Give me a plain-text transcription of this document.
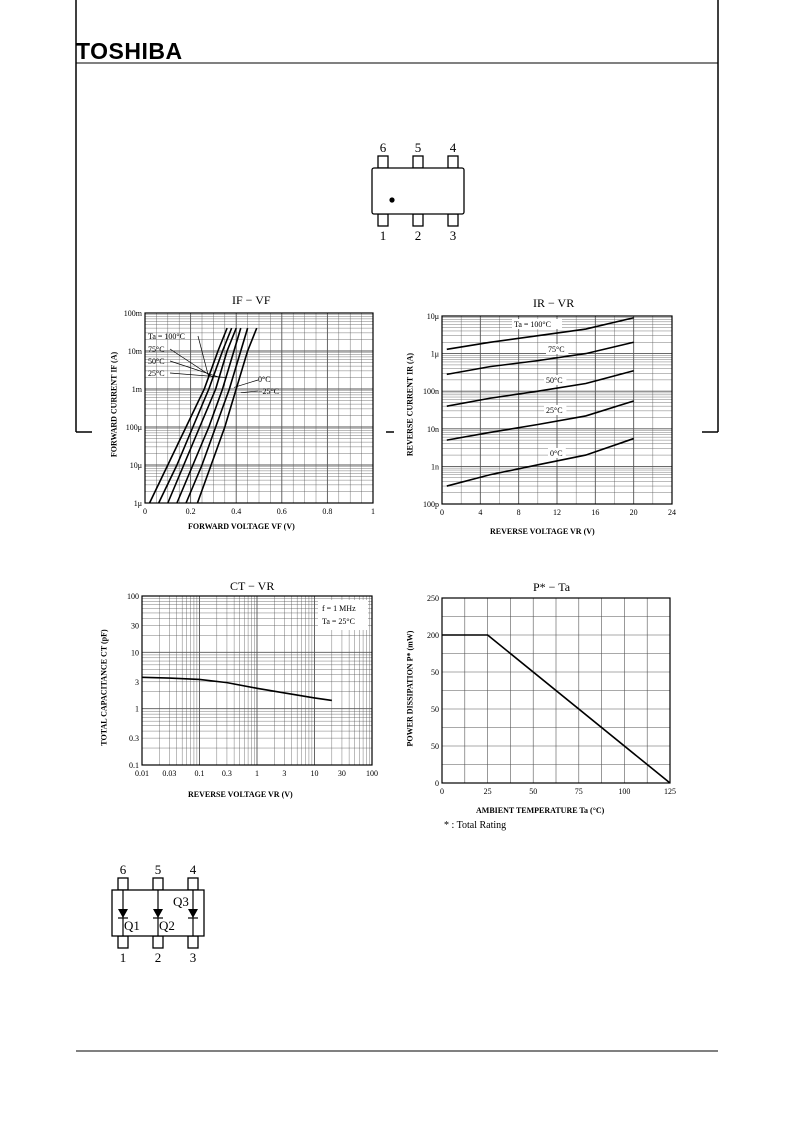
TOSHIBA
6 5 4
1 2 3
IF − VF
100m
10m
1m
100μ
10μ
1μ
0	0.2	0.4	0.6	0.8	1
Ta = 100°C
75°C
50°C
25°C
0°C
−25°C
FORWARD VOLTAGE VF (V)
FORWARD CURRENT IF (A)
IR − VR
10μ
1μ
100n
10n
1n
100p
0	4	8	12	16	20	24
Ta = 100°C
75°C
50°C
25°C
0°C
REVERSE VOLTAGE VR (V)
REVERSE CURRENT IR (A)
CT − VR
100
30
10
3
1
0.3
0.1
0.01 0.03 0.1 0.3	1	3	10 30	100
f = 1 MHz
Ta = 25°C
REVERSE VOLTAGE VR (V)
TOTAL CAPACITANCE CT (pF)
P* − Ta
250
200
50
50
50
0
0	25	50	75	100	125
AMBIENT TEMPERATURE Ta (°C)
POWER DISSIPATION P* (mW)
* : Total Rating
6 5 4
1 2 3
Q1 Q2
Q3
